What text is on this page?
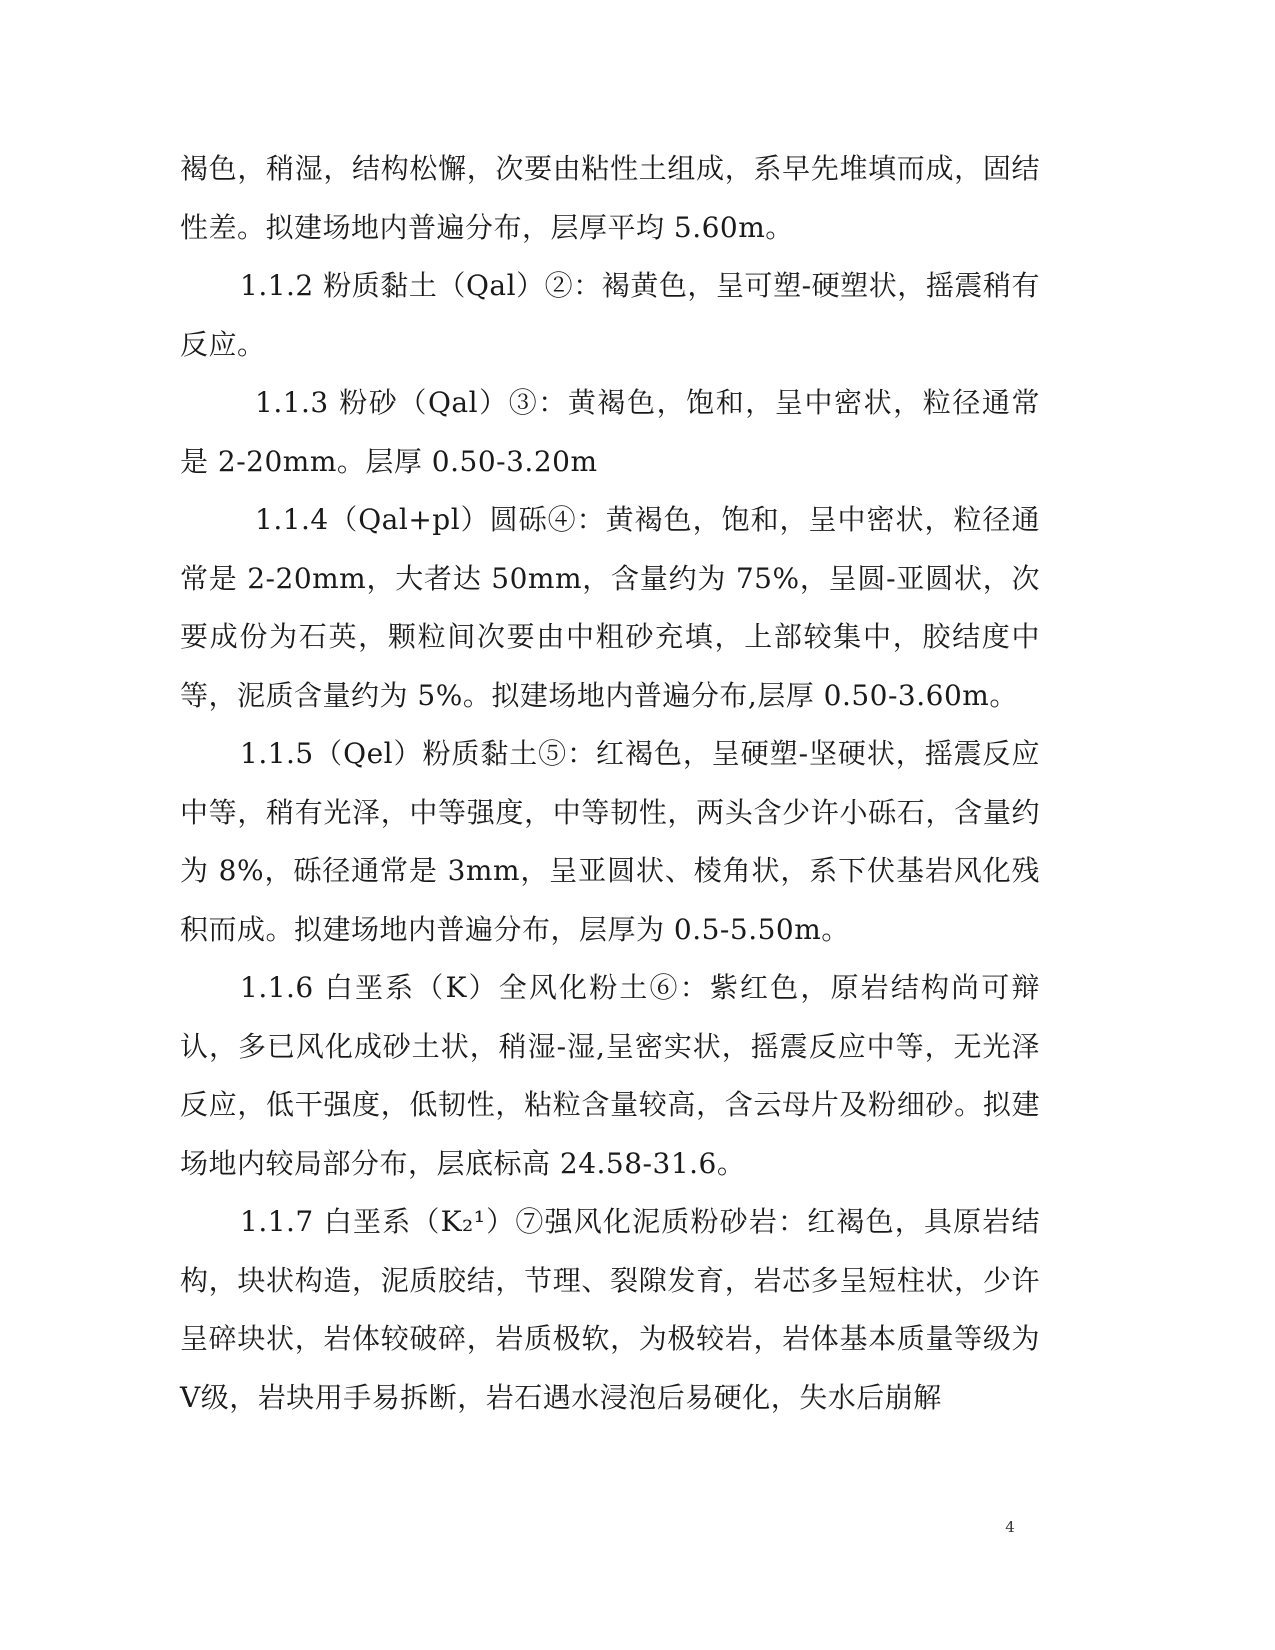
褐色，稍湿，结构松懈，次要由粘性土组成，系早先堆填而成，固结性差。拟建场地内普遍分布，层厚平均 5.60m。

1.1.2 粉质黏土（Qal）②：褐黄色，呈可塑-硬塑状，摇震稍有反应。

1.1.3 粉砂（Qal）③：黄褐色，饱和，呈中密状，粒径通常是 2-20mm。层厚 0.50-3.20m

1.1.4（Qal+pl）圆砾④：黄褐色，饱和，呈中密状，粒径通常是 2-20mm，大者达 50mm，含量约为 75%，呈圆-亚圆状，次要成份为石英，颗粒间次要由中粗砂充填，上部较集中，胶结度中等，泥质含量约为 5%。拟建场地内普遍分布,层厚 0.50-3.60m。

1.1.5（Qel）粉质黏土⑤：红褐色，呈硬塑-坚硬状，摇震反应中等，稍有光泽，中等强度，中等韧性，两头含少许小砾石，含量约为 8%，砾径通常是 3mm，呈亚圆状、棱角状，系下伏基岩风化残积而成。拟建场地内普遍分布，层厚为 0.5-5.50m。

1.1.6 白垩系（K）全风化粉土⑥：紫红色，原岩结构尚可辩认，多已风化成砂土状，稍湿-湿,呈密实状，摇震反应中等，无光泽反应，低干强度，低韧性，粘粒含量较高，含云母片及粉细砂。拟建场地内较局部分布，层底标高 24.58-31.6。

1.1.7 白垩系（K₂¹）⑦强风化泥质粉砂岩：红褐色，具原岩结构，块状构造，泥质胶结，节理、裂隙发育，岩芯多呈短柱状，少许呈碎块状，岩体较破碎，岩质极软，为极较岩，岩体基本质量等级为Ⅴ级，岩块用手易拆断，岩石遇水浸泡后易硬化，失水后崩解

4
